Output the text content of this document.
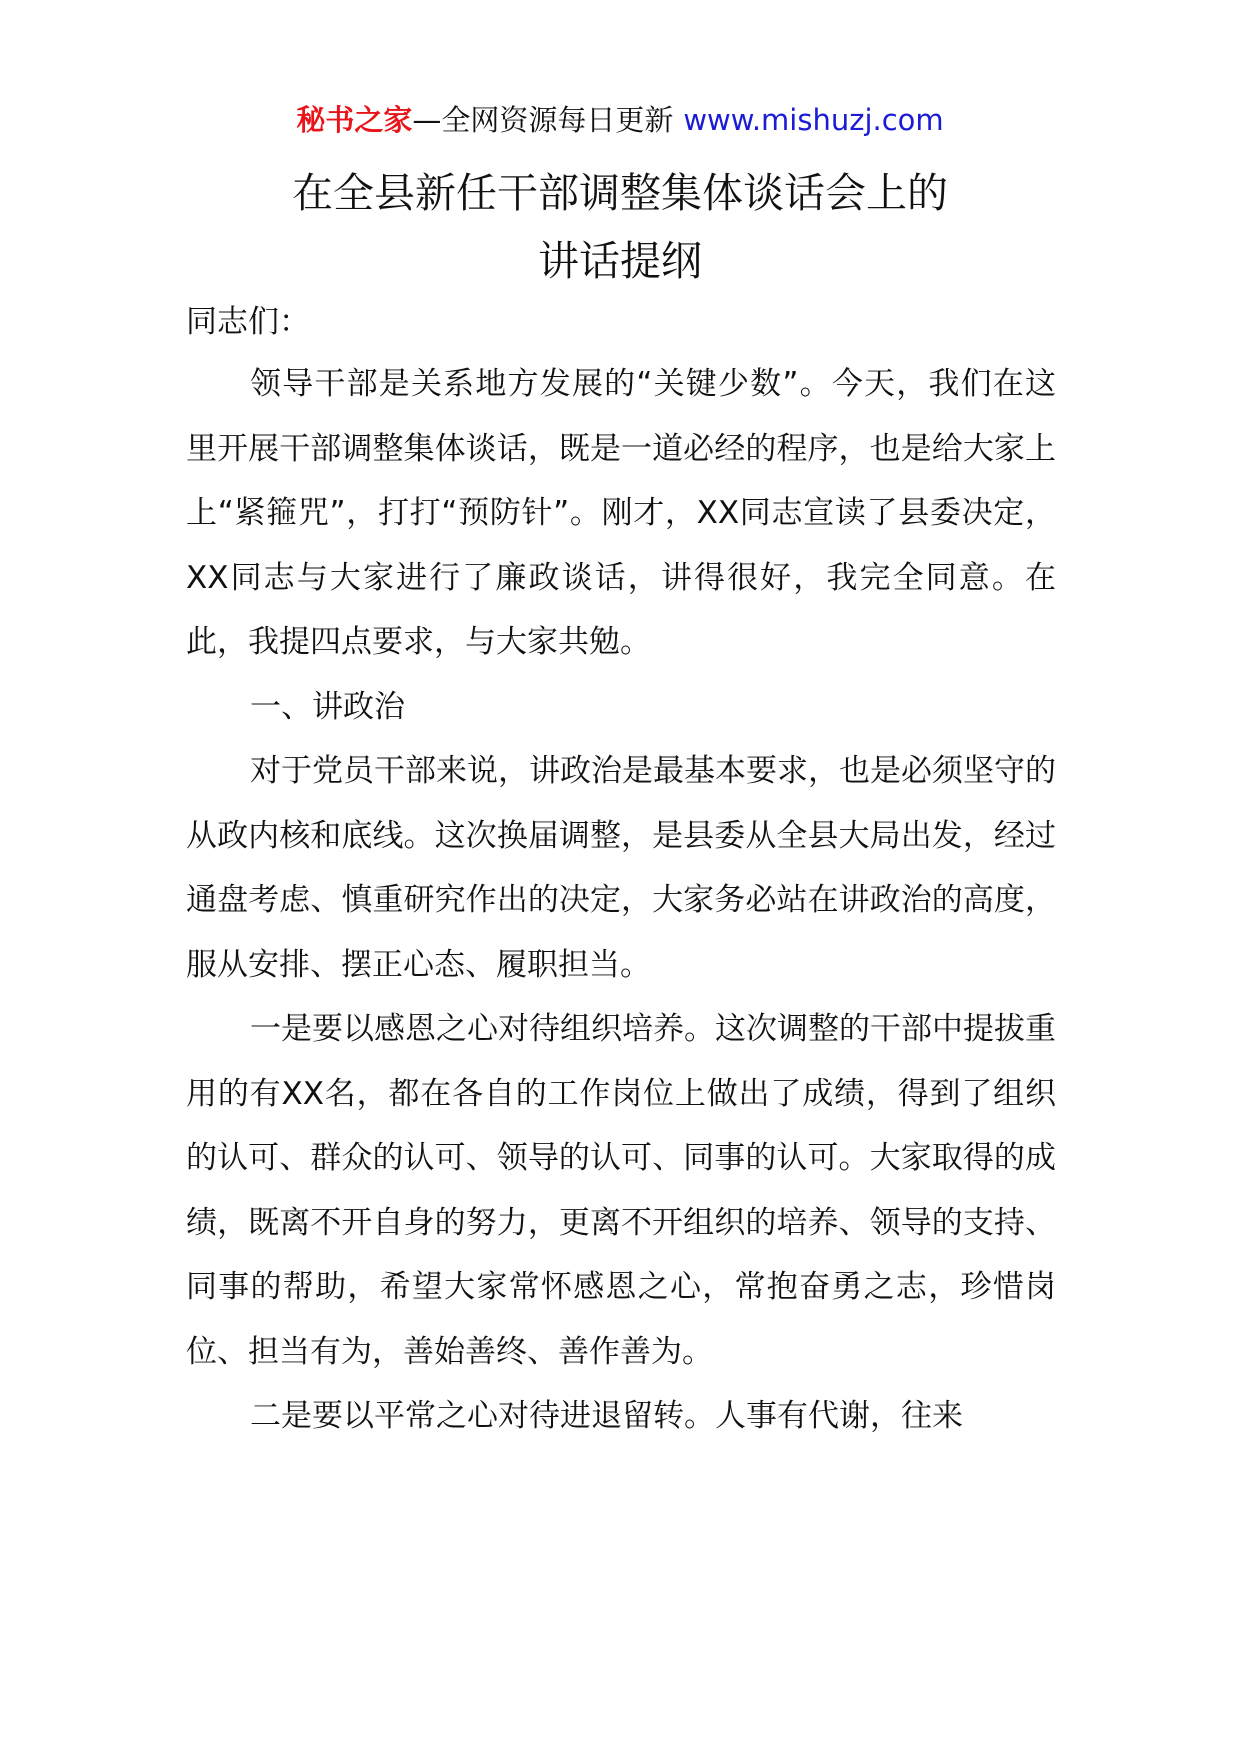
秘书之家—全网资源每日更新 www.mishuzj.com
在全县新任干部调整集体谈话会上的
讲话提纲

同志们：

领导干部是关系地方发展的“关键少数”。今天，我们在这里开展干部调整集体谈话，既是一道必经的程序，也是给大家上上“紧箍咒”，打打“预防针”。刚才，XX同志宣读了县委决定，XX同志与大家进行了廉政谈话，讲得很好，我完全同意。在此，我提四点要求，与大家共勉。

一、讲政治

对于党员干部来说，讲政治是最基本要求，也是必须坚守的从政内核和底线。这次换届调整，是县委从全县大局出发，经过通盘考虑、慎重研究作出的决定，大家务必站在讲政治的高度，服从安排、摆正心态、履职担当。

一是要以感恩之心对待组织培养。这次调整的干部中提拔重用的有XX名，都在各自的工作岗位上做出了成绩，得到了组织的认可、群众的认可、领导的认可、同事的认可。大家取得的成绩，既离不开自身的努力，更离不开组织的培养、领导的支持、同事的帮助，希望大家常怀感恩之心，常抱奋勇之志，珍惜岗位、担当有为，善始善终、善作善为。

二是要以平常之心对待进退留转。人事有代谢，往来
